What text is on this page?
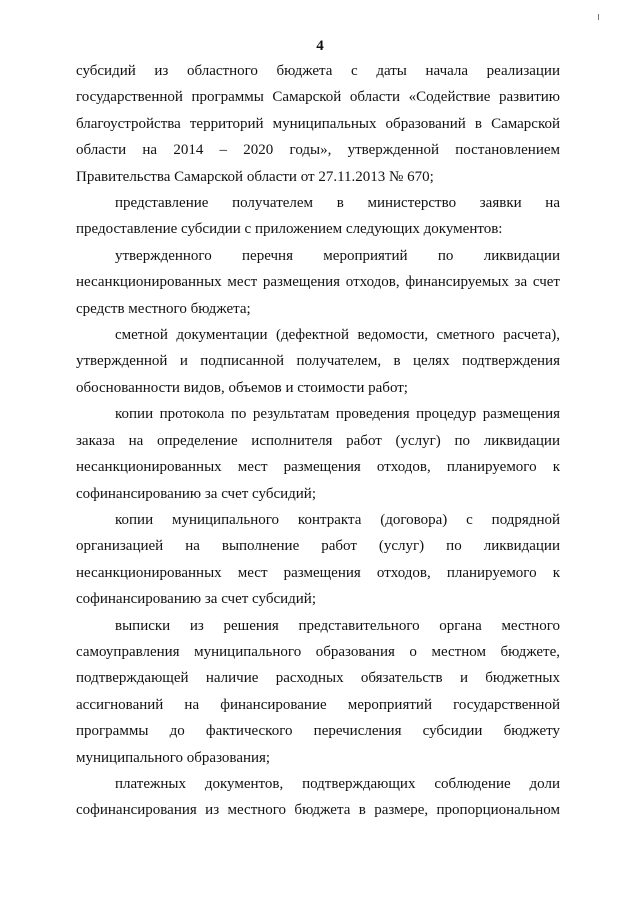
4

субсидий из областного бюджета с даты начала реализации государственной программы Самарской области «Содействие развитию благоустройства территорий муниципальных образований в Самарской области на 2014 – 2020 годы», утвержденной постановлением Правительства Самарской области от 27.11.2013 № 670;

представление получателем в министерство заявки на предоставление субсидии с приложением следующих документов:

утвержденного перечня мероприятий по ликвидации несанкционированных мест размещения отходов, финансируемых за счет средств местного бюджета;

сметной документации (дефектной ведомости, сметного расчета), утвержденной и подписанной получателем, в целях подтверждения обоснованности видов, объемов и стоимости работ;

копии протокола по результатам проведения процедур размещения заказа на определение исполнителя работ (услуг) по ликвидации несанкционированных мест размещения отходов, планируемого к софинансированию за счет субсидий;

копии муниципального контракта (договора) с подрядной организацией на выполнение работ (услуг) по ликвидации несанкционированных мест размещения отходов, планируемого к софинансированию за счет субсидий;

выписки из решения представительного органа местного самоуправления муниципального образования о местном бюджете, подтверждающей наличие расходных обязательств и бюджетных ассигнований на финансирование мероприятий государственной программы до фактического перечисления субсидии бюджету муниципального образования;

платежных документов, подтверждающих соблюдение доли софинансирования из местного бюджета в размере, пропорциональном
